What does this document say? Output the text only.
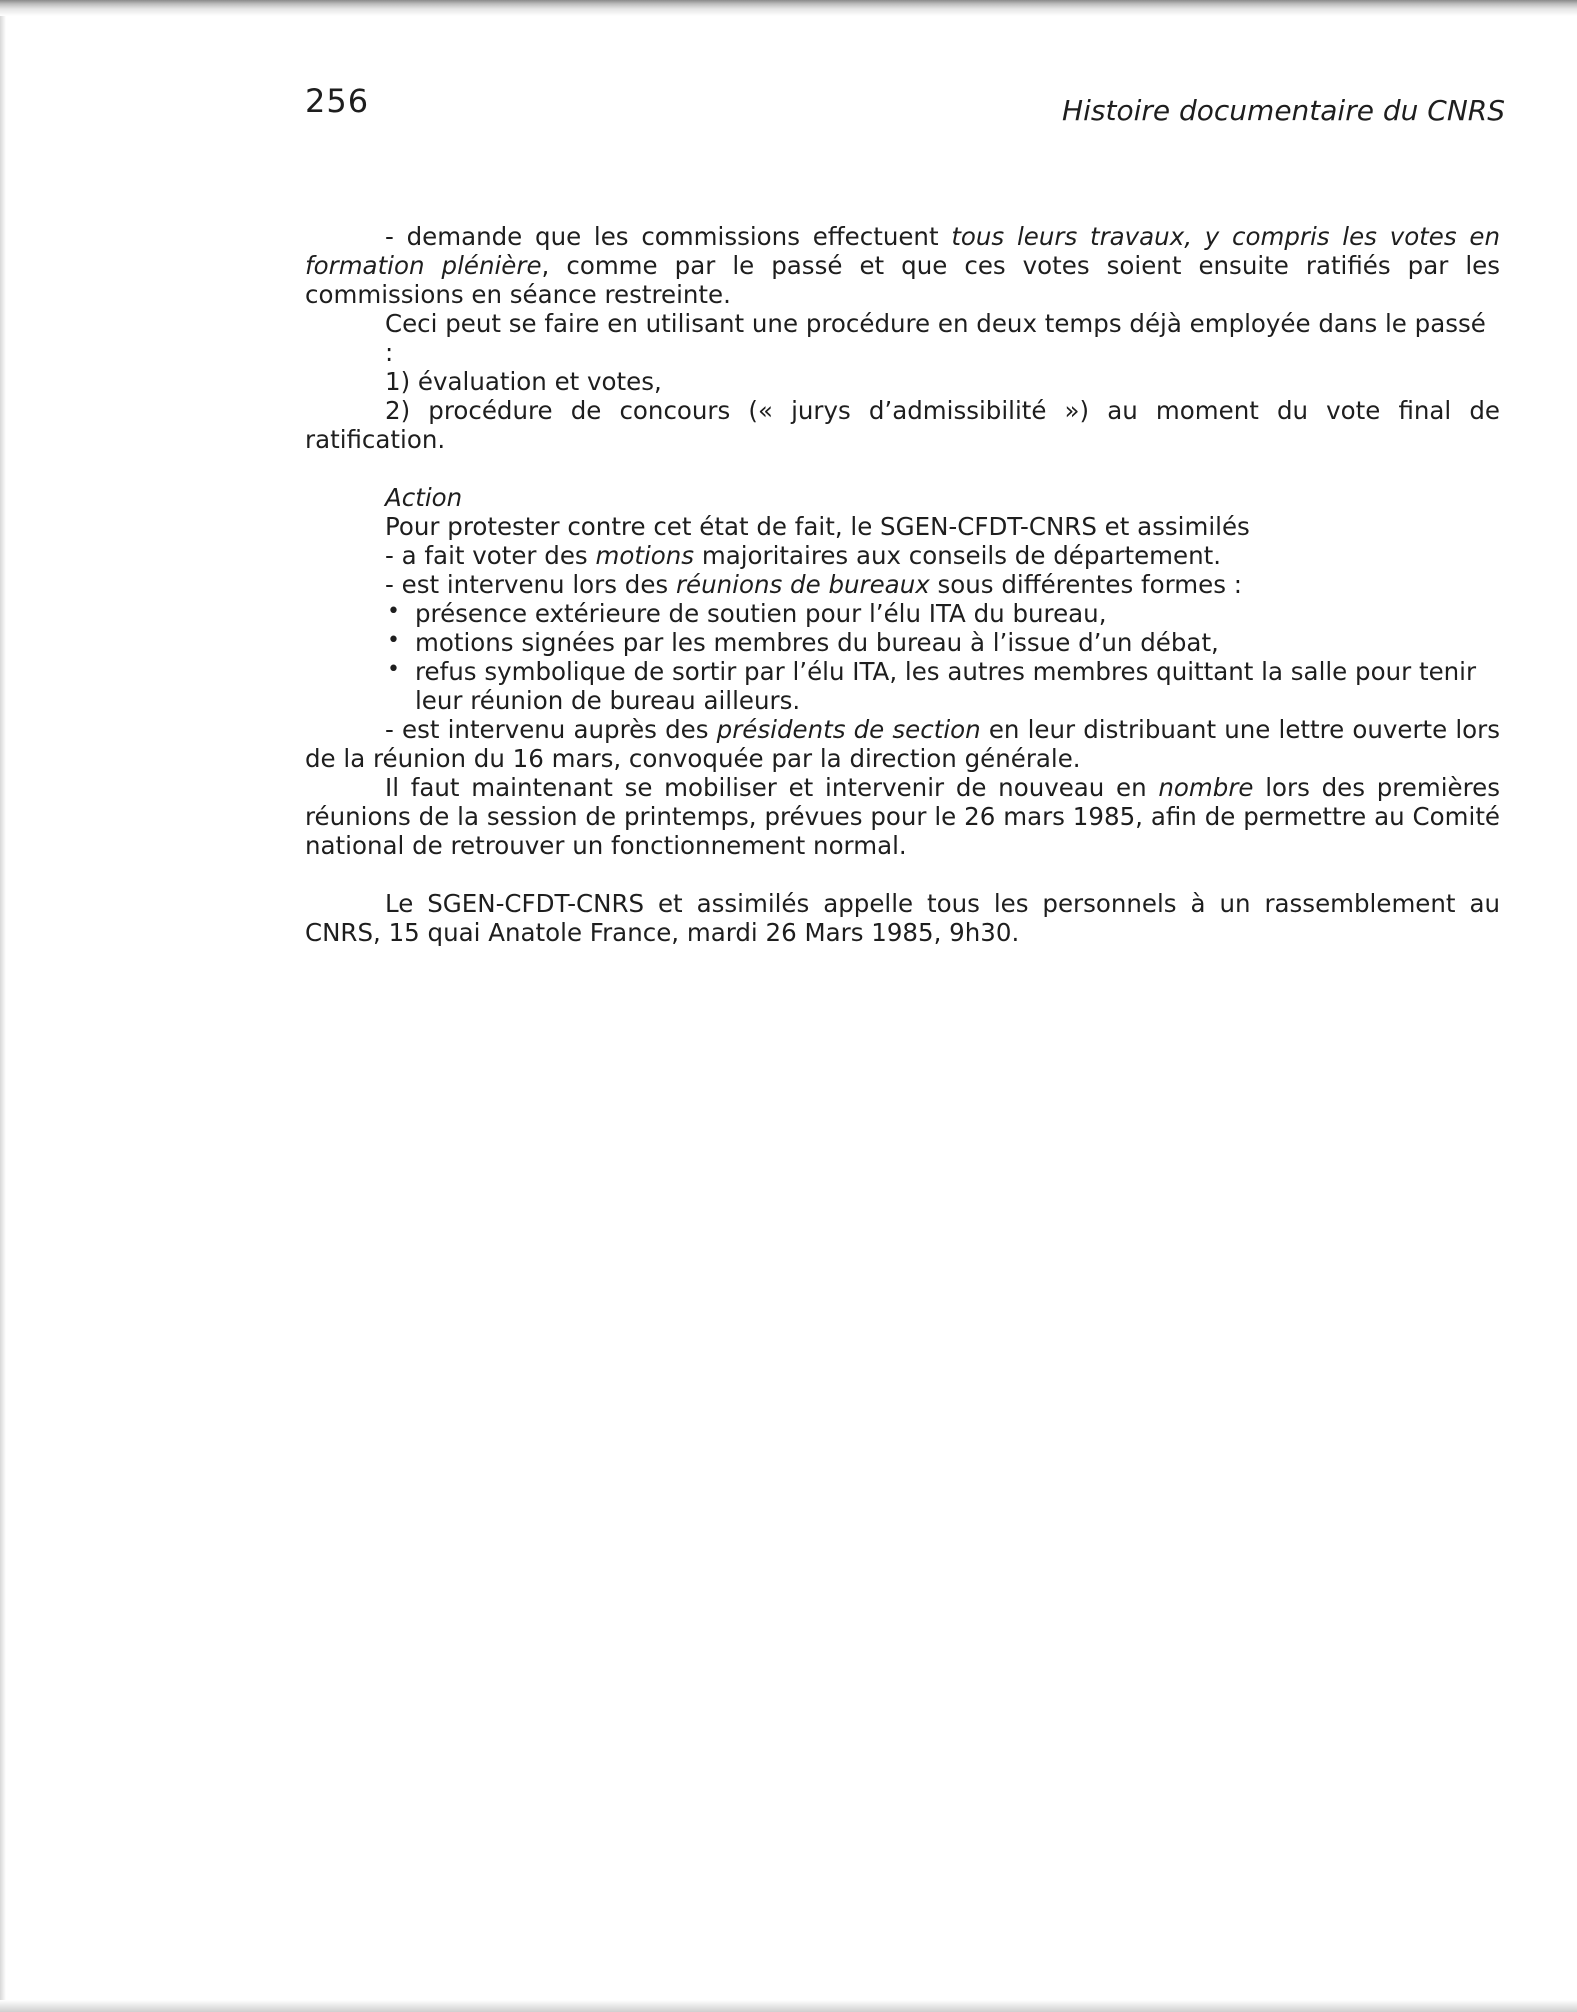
256	Histoire documentaire du CNRS

- demande que les commissions effectuent tous leurs travaux, y compris les votes en formation plénière, comme par le passé et que ces votes soient ensuite ratifiés par les commissions en séance restreinte.

Ceci peut se faire en utilisant une procédure en deux temps déjà employée dans le passé :

1) évaluation et votes,

2) procédure de concours (« jurys d’admissibilité ») au moment du vote final de ratification.

Action

Pour protester contre cet état de fait, le SGEN-CFDT-CNRS et assimilés

- a fait voter des motions majoritaires aux conseils de département.

- est intervenu lors des réunions de bureaux sous différentes formes :

• présence extérieure de soutien pour l’élu ITA du bureau,
• motions signées par les membres du bureau à l’issue d’un débat,
• refus symbolique de sortir par l’élu ITA, les autres membres quittant la salle pour tenir leur réunion de bureau ailleurs.

- est intervenu auprès des présidents de section en leur distribuant une lettre ouverte lors de la réunion du 16 mars, convoquée par la direction générale.

Il faut maintenant se mobiliser et intervenir de nouveau en nombre lors des premières réunions de la session de printemps, prévues pour le 26 mars 1985, afin de permettre au Comité national de retrouver un fonctionnement normal.

Le SGEN-CFDT-CNRS et assimilés appelle tous les personnels à un rassemblement au CNRS, 15 quai Anatole France, mardi 26 Mars 1985, 9h30.
